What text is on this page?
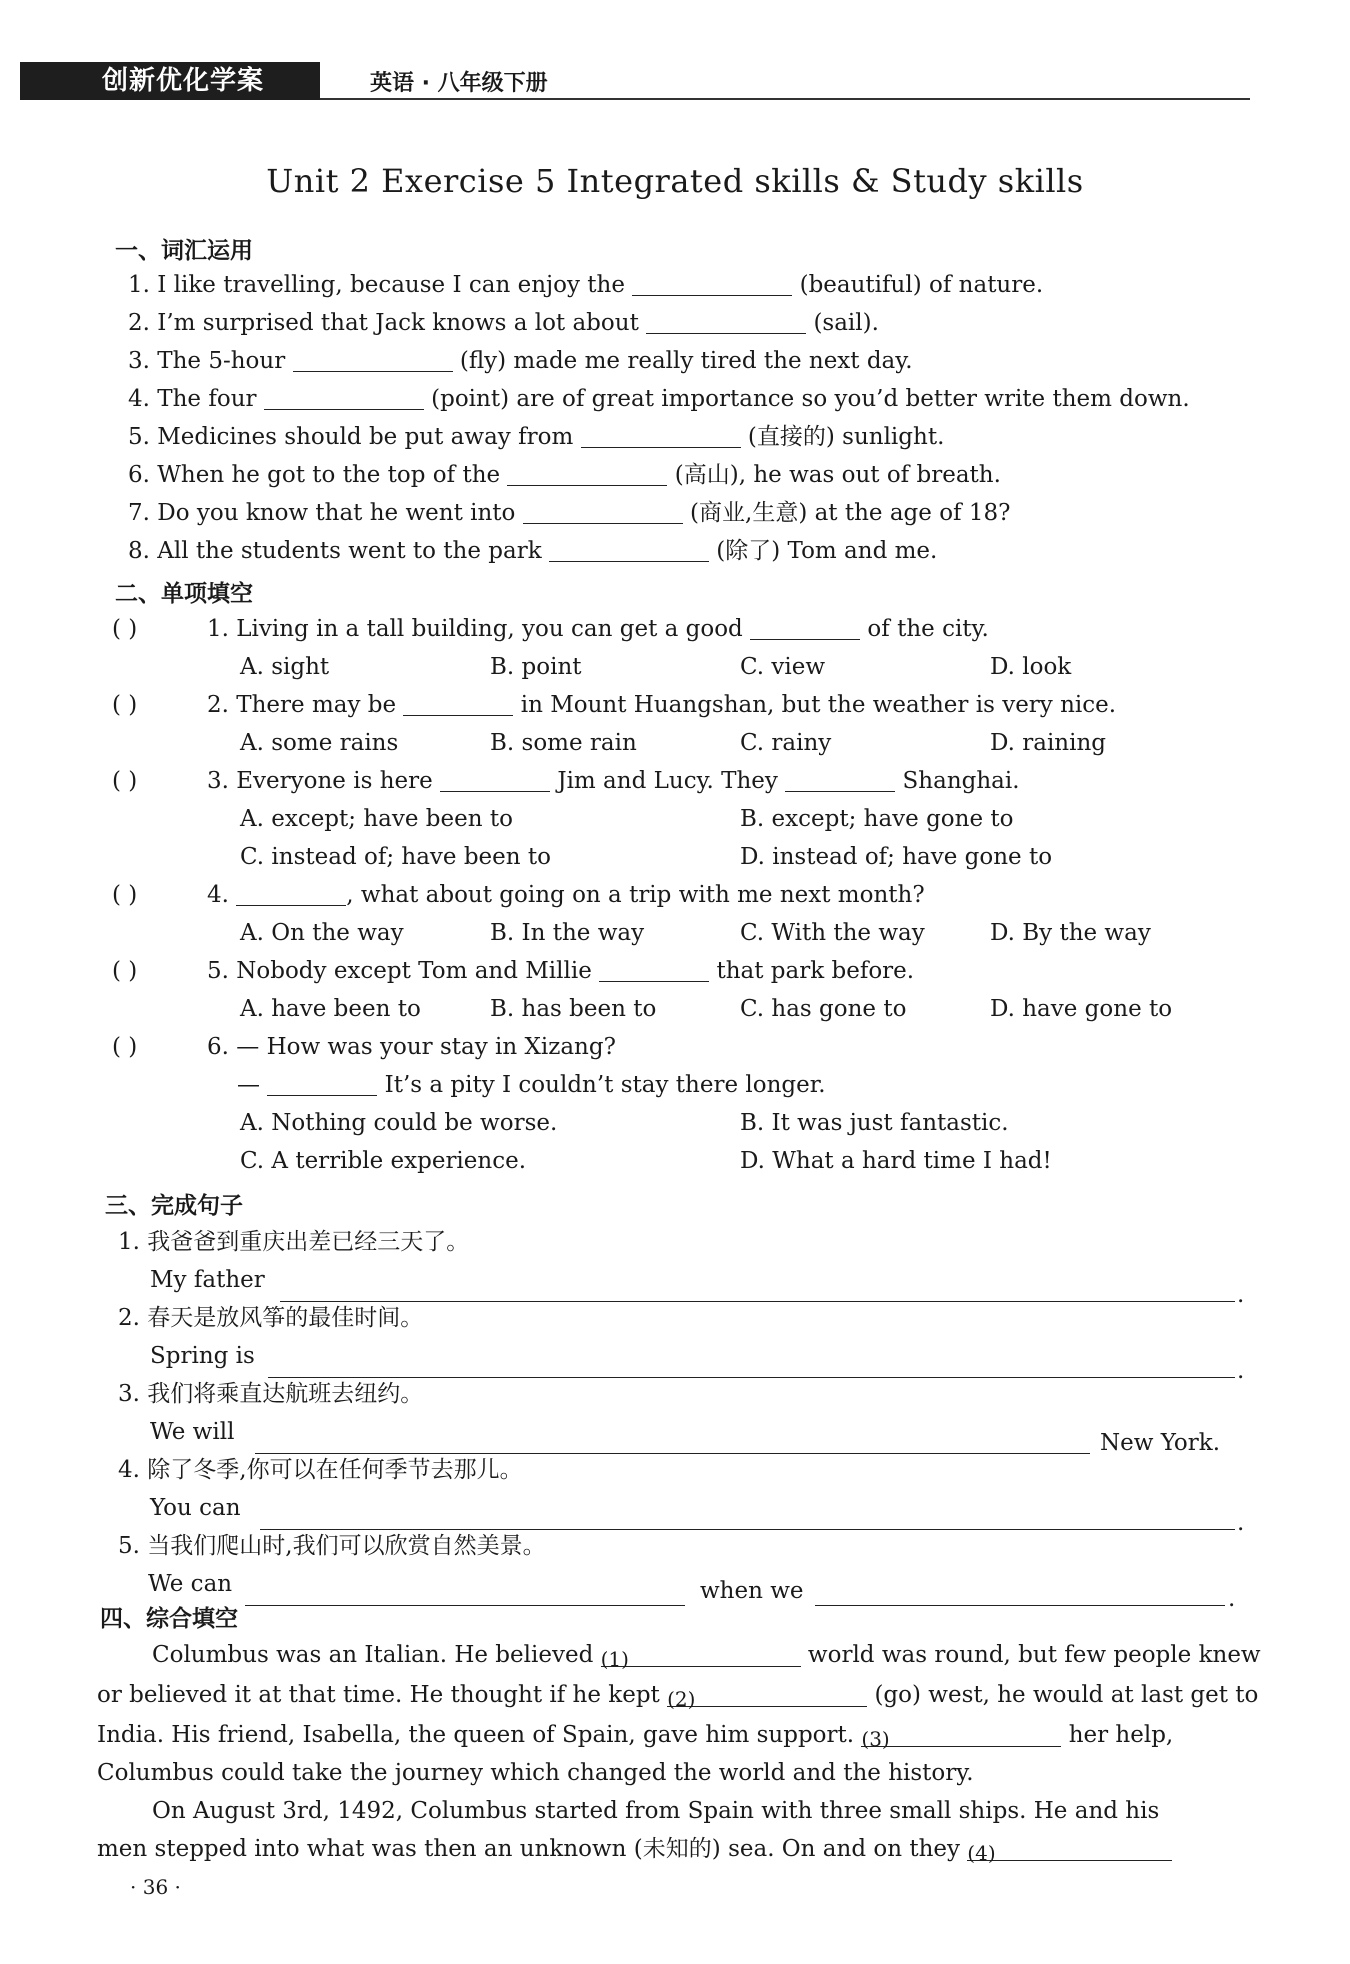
创新优化学案	英语 · 八年级下册
Unit 2 Exercise 5 Integrated skills & Study skills
一、词汇运用
1. I like travelling, because I can enjoy the	(beautiful) of nature.
2. I’m surprised that Jack knows a lot about	(sail).
3. The 5-hour	(fly) made me really tired the next day.
4. The four	(point) are of great importance so you’d better write them down.
5. Medicines should be put away from	(直接的) sunlight.
6. When he got to the top of the	(高山), he was out of breath.
7. Do you know that he went into	(商业,生意) at the age of 18?
8. All the students went to the park	(除了) Tom and me.
二、单项填空
( )	1. Living in a tall building, you can get a good	of the city.
A. sight	B. point	C. view	D. look
( )	2. There may be	in Mount Huangshan, but the weather is very nice.
A. some rains	B. some rain	C. rainy	D. raining
( )	3. Everyone is here	Jim and Lucy. They	Shanghai.
A. except; have been to	B. except; have gone to
C. instead of; have been to	D. instead of; have gone to
( )	4.	, what about going on a trip with me next month?
A. On the way	B. In the way	C. With the way	D. By the way
( )	5. Nobody except Tom and Millie	that park before.
A. have been to	B. has been to	C. has gone to	D. have gone to
( )	6. — How was your stay in Xizang?
—	It’s a pity I couldn’t stay there longer.
A. Nothing could be worse.	B. It was just fantastic.
C. A terrible experience.	D. What a hard time I had!
三、完成句子
1. 我爸爸到重庆出差已经三天了。
My father
.
2. 春天是放风筝的最佳时间。
Spring is
.
3. 我们将乘直达航班去纽约。
We will	New York.
4. 除了冬季,你可以在任何季节去那儿。
You can
.
5. 当我们爬山时,我们可以欣赏自然美景。
We can	when we	.
四、综合填空
Columbus was an Italian. He believed (1)	world was round, but few people knew
or believed it at that time. He thought if he kept (2)	(go) west, he would at last get to
India. His friend, Isabella, the queen of Spain, gave him support. (3)	her help,
Columbus could take the journey which changed the world and the history.
On August 3rd, 1492, Columbus started from Spain with three small ships. He and his
men stepped into what was then an unknown (未知的) sea. On and on they (4)
· 36 ·
